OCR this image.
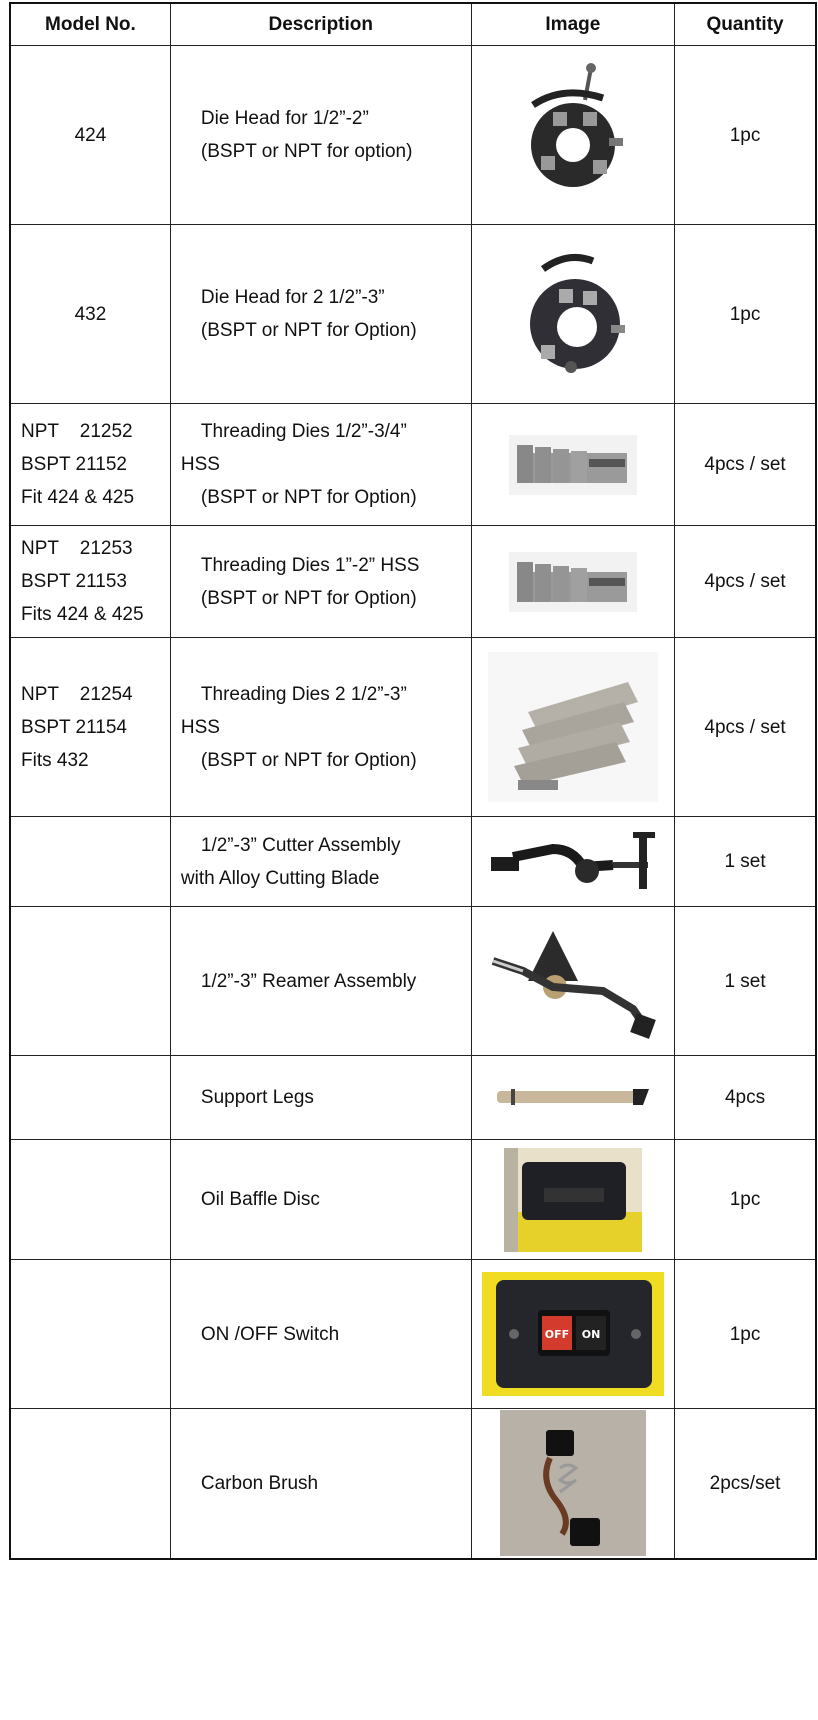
Model No.	Description	Image	Quantity

424	Die Head for 1/2”-2”
(BSPT or NPT for option)		1pc

432	Die Head for 2 1/2”-3”
(BSPT or NPT for Option)		1pc

NPT    21252
BSPT 21152
Fit 424 & 425	Threading Dies 1/2”-3/4”
HSS
(BSPT or NPT for Option)		4pcs / set

NPT    21253
BSPT 21153
Fits 424 & 425	Threading Dies 1”-2” HSS
(BSPT or NPT for Option)		4pcs / set

NPT    21254
BSPT 21154
Fits 432	Threading Dies 2 1/2”-3”
HSS
(BSPT or NPT for Option)		4pcs / set

	1/2”-3” Cutter Assembly
with Alloy Cutting Blade		1 set

	1/2”-3” Reamer Assembly		1 set

	Support Legs		4pcs

	Oil Baffle Disc		1pc

	ON /OFF Switch	OFF ON	1pc

	Carbon Brush		2pcs/set
